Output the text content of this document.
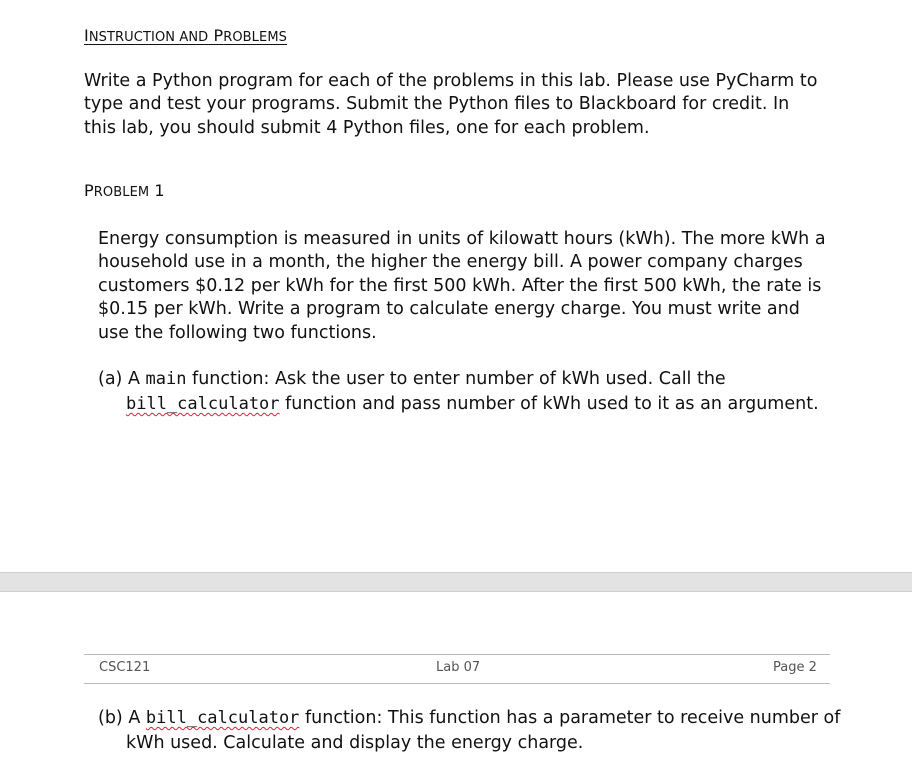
INSTRUCTION AND PROBLEMS
Write a Python program for each of the problems in this lab. Please use PyCharm to type and test your programs. Submit the Python files to Blackboard for credit. In this lab, you should submit 4 Python files, one for each problem.
PROBLEM 1
Energy consumption is measured in units of kilowatt hours (kWh). The more kWh a household use in a month, the higher the energy bill. A power company charges customers $0.12 per kWh for the first 500 kWh. After the first 500 kWh, the rate is $0.15 per kWh. Write a program to calculate energy charge. You must write and use the following two functions.
(a) A main function: Ask the user to enter number of kWh used. Call the bill_calculator function and pass number of kWh used to it as an argument.
CSC121	Lab 07	Page 2
(b) A bill_calculator function: This function has a parameter to receive number of kWh used. Calculate and display the energy charge.
